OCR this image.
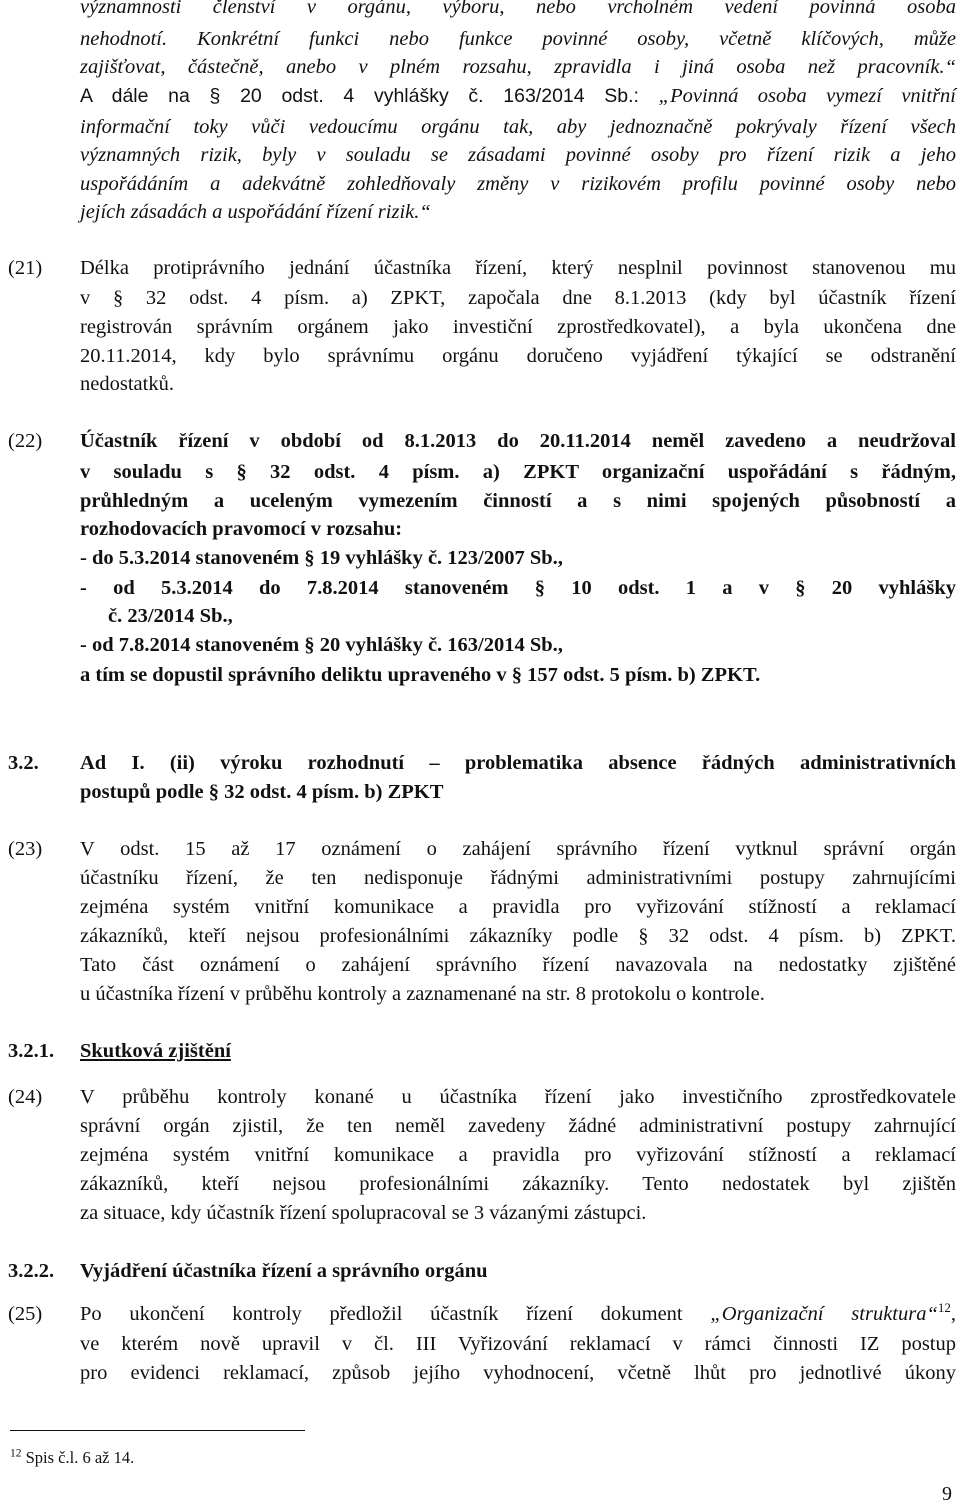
významnosti členství v orgánu, výboru, nebo vrcholném vedení povinná osoba
nehodnotí. Konkrétní funkci nebo funkce povinné osoby, včetně klíčových, může
zajišťovat, částečně, anebo v plném rozsahu, zpravidla i jiná osoba než pracovník.“
A dále na § 20 odst. 4 vyhlášky č. 163/2014 Sb.: „Povinná osoba vymezí vnitřní
informační toky vůči vedoucímu orgánu tak, aby jednoznačně pokrývaly řízení všech
významných rizik, byly v souladu se zásadami povinné osoby pro řízení rizik a jeho
uspořádáním a adekvátně zohledňovaly změny v rizikovém profilu povinné osoby nebo
jejích zásadách a uspořádání řízení rizik.“
(21) Délka protiprávního jednání účastníka řízení, který nesplnil povinnost stanovenou mu
v § 32 odst. 4 písm. a) ZPKT, započala dne 8.1.2013 (kdy byl účastník řízení
registrován správním orgánem jako investiční zprostředkovatel), a byla ukončena dne
20.11.2014, kdy bylo správnímu orgánu doručeno vyjádření týkající se odstranění
nedostatků.
(22) Účastník řízení v období od 8.1.2013 do 20.11.2014 neměl zavedeno a neudržoval
v souladu s § 32 odst. 4 písm. a) ZPKT organizační uspořádání s řádným,
průhledným a uceleným vymezením činností a s nimi spojených působností a
rozhodovacích pravomocí v rozsahu:
- do 5.3.2014 stanoveném § 19 vyhlášky č. 123/2007 Sb.,
- od 5.3.2014 do 7.8.2014 stanoveném § 10 odst. 1 a v § 20 vyhlášky
č. 23/2014 Sb.,
- od 7.8.2014 stanoveném § 20 vyhlášky č. 163/2014 Sb.,
a tím se dopustil správního deliktu upraveného v § 157 odst. 5 písm. b) ZPKT.
3.2. Ad I. (ii) výroku rozhodnutí – problematika absence řádných administrativních
postupů podle § 32 odst. 4 písm. b) ZPKT
(23) V odst. 15 až 17 oznámení o zahájení správního řízení vytknul správní orgán
účastníku řízení, že ten nedisponuje řádnými administrativními postupy zahrnujícími
zejména systém vnitřní komunikace a pravidla pro vyřizování stížností a reklamací
zákazníků, kteří nejsou profesionálními zákazníky podle § 32 odst. 4 písm. b) ZPKT.
Tato část oznámení o zahájení správního řízení navazovala na nedostatky zjištěné
u účastníka řízení v průběhu kontroly a zaznamenané na str. 8 protokolu o kontrole.
3.2.1. Skutková zjištění
(24) V průběhu kontroly konané u účastníka řízení jako investičního zprostředkovatele
správní orgán zjistil, že ten neměl zavedeny žádné administrativní postupy zahrnující
zejména systém vnitřní komunikace a pravidla pro vyřizování stížností a reklamací
zákazníků, kteří nejsou profesionálními zákazníky. Tento nedostatek byl zjištěn
za situace, kdy účastník řízení spolupracoval se 3 vázanými zástupci.
3.2.2. Vyjádření účastníka řízení a správního orgánu
(25) Po ukončení kontroly předložil účastník řízení dokument „Organizační struktura“$^{12}$,
ve kterém nově upravil v čl. III Vyřizování reklamací v rámci činnosti IZ postup
pro evidenci reklamací, způsob jejího vyhodnocení, včetně lhůt pro jednotlivé úkony
$^{12}$ Spis č.l. 6 až 14.
9
